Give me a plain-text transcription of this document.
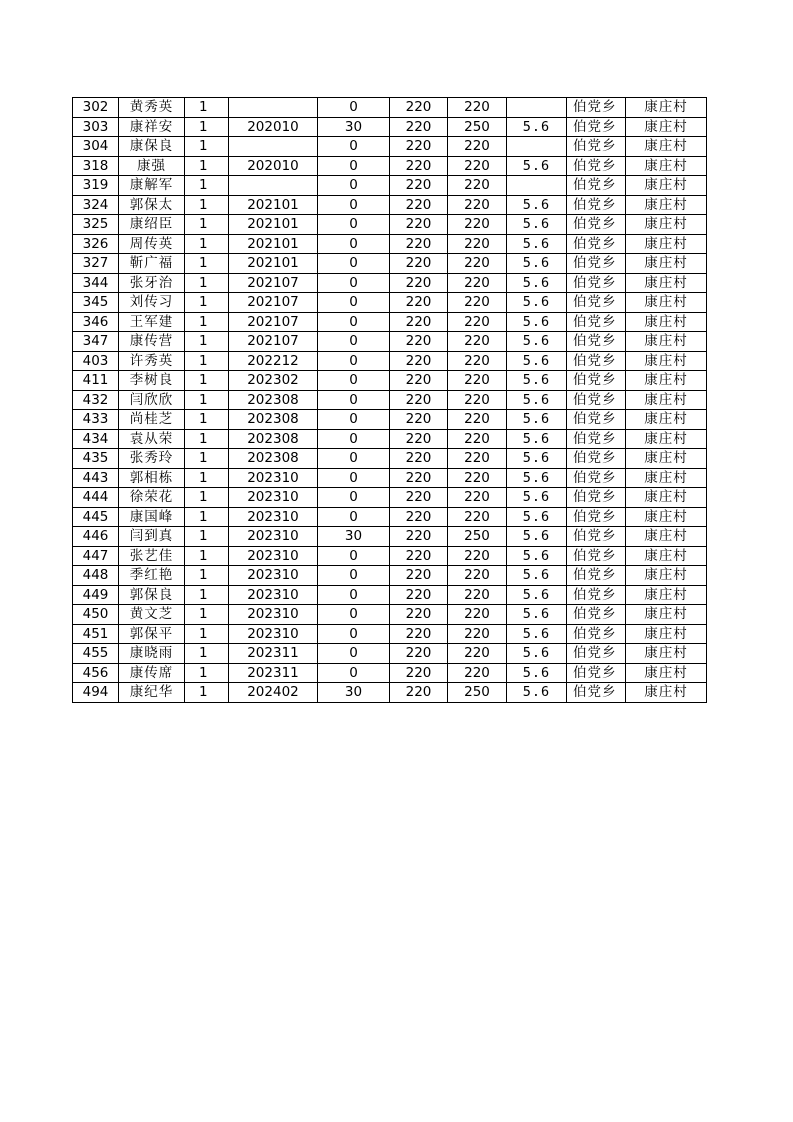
302	黄秀英	1		0	220	220		伯党乡	康庄村
303	康祥安	1	202010	30	220	250	5.6	伯党乡	康庄村
304	康保良	1		0	220	220		伯党乡	康庄村
318	康强	1	202010	0	220	220	5.6	伯党乡	康庄村
319	康解军	1		0	220	220		伯党乡	康庄村
324	郭保太	1	202101	0	220	220	5.6	伯党乡	康庄村
325	康绍臣	1	202101	0	220	220	5.6	伯党乡	康庄村
326	周传英	1	202101	0	220	220	5.6	伯党乡	康庄村
327	靳广福	1	202101	0	220	220	5.6	伯党乡	康庄村
344	张牙治	1	202107	0	220	220	5.6	伯党乡	康庄村
345	刘传习	1	202107	0	220	220	5.6	伯党乡	康庄村
346	王军建	1	202107	0	220	220	5.6	伯党乡	康庄村
347	康传营	1	202107	0	220	220	5.6	伯党乡	康庄村
403	许秀英	1	202212	0	220	220	5.6	伯党乡	康庄村
411	李树良	1	202302	0	220	220	5.6	伯党乡	康庄村
432	闫欣欣	1	202308	0	220	220	5.6	伯党乡	康庄村
433	尚桂芝	1	202308	0	220	220	5.6	伯党乡	康庄村
434	袁从荣	1	202308	0	220	220	5.6	伯党乡	康庄村
435	张秀玲	1	202308	0	220	220	5.6	伯党乡	康庄村
443	郭相栋	1	202310	0	220	220	5.6	伯党乡	康庄村
444	徐荣花	1	202310	0	220	220	5.6	伯党乡	康庄村
445	康国峰	1	202310	0	220	220	5.6	伯党乡	康庄村
446	闫到真	1	202310	30	220	250	5.6	伯党乡	康庄村
447	张艺佳	1	202310	0	220	220	5.6	伯党乡	康庄村
448	季红艳	1	202310	0	220	220	5.6	伯党乡	康庄村
449	郭保良	1	202310	0	220	220	5.6	伯党乡	康庄村
450	黄文芝	1	202310	0	220	220	5.6	伯党乡	康庄村
451	郭保平	1	202310	0	220	220	5.6	伯党乡	康庄村
455	康晓雨	1	202311	0	220	220	5.6	伯党乡	康庄村
456	康传席	1	202311	0	220	220	5.6	伯党乡	康庄村
494	康纪华	1	202402	30	220	250	5.6	伯党乡	康庄村
